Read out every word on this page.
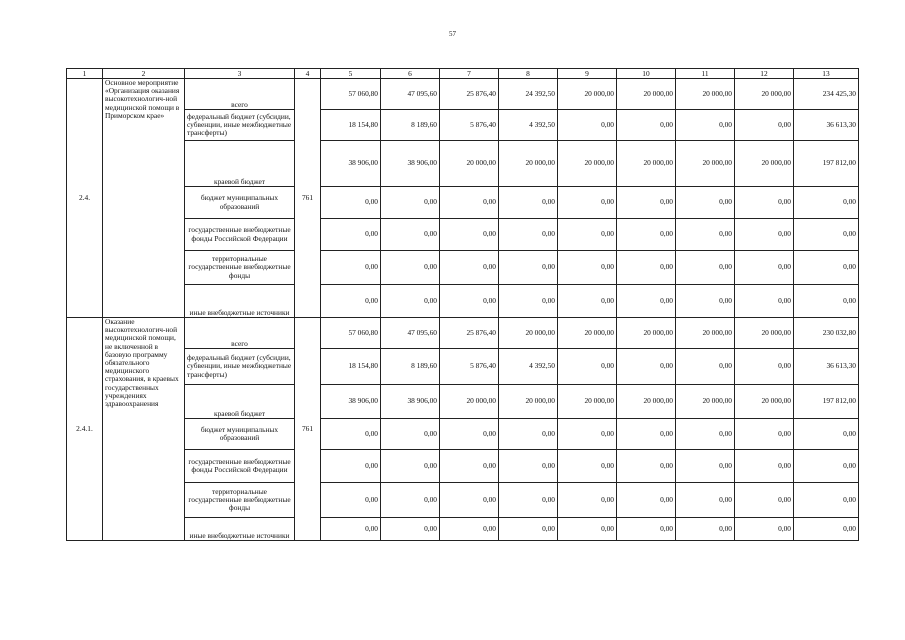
57
1	2	3	4	5	6	7	8	9	10	11	12	13
2.4.	Основное мероприятие «Организация оказания высокотехнологич-ной медицинской помощи в Приморском крае»	всего	761	57 060,80	47 095,60	25 876,40	24 392,50	20 000,00	20 000,00	20 000,00	20 000,00	234 425,30
		федеральный бюджет (субсидии, субвенции, иные межбюджетные трансферты)		18 154,80	8 189,60	5 876,40	4 392,50	0,00	0,00	0,00	0,00	36 613,30
		краевой бюджет		38 906,00	38 906,00	20 000,00	20 000,00	20 000,00	20 000,00	20 000,00	20 000,00	197 812,00
		бюджет муниципальных образований		0,00	0,00	0,00	0,00	0,00	0,00	0,00	0,00	0,00
		государственные внебюджетные фонды Российской Федерации		0,00	0,00	0,00	0,00	0,00	0,00	0,00	0,00	0,00
		территориальные государственные внебюджетные фонды		0,00	0,00	0,00	0,00	0,00	0,00	0,00	0,00	0,00
		иные внебюджетные источники		0,00	0,00	0,00	0,00	0,00	0,00	0,00	0,00	0,00
2.4.1.	Оказание высокотехнологич-ной медицинской помощи, не включенной в базовую программу обязательного медицинского страхования, в краевых государственных учреждениях здравоохранения	всего	761	57 060,80	47 095,60	25 876,40	20 000,00	20 000,00	20 000,00	20 000,00	20 000,00	230 032,80
		федеральный бюджет (субсидии, субвенции, иные межбюджетные трансферты)		18 154,80	8 189,60	5 876,40	4 392,50	0,00	0,00	0,00	0,00	36 613,30
		краевой бюджет		38 906,00	38 906,00	20 000,00	20 000,00	20 000,00	20 000,00	20 000,00	20 000,00	197 812,00
		бюджет муниципальных образований		0,00	0,00	0,00	0,00	0,00	0,00	0,00	0,00	0,00
		государственные внебюджетные фонды Российской Федерации		0,00	0,00	0,00	0,00	0,00	0,00	0,00	0,00	0,00
		территориальные государственные внебюджетные фонды		0,00	0,00	0,00	0,00	0,00	0,00	0,00	0,00	0,00
		иные внебюджетные источники		0,00	0,00	0,00	0,00	0,00	0,00	0,00	0,00	0,00
